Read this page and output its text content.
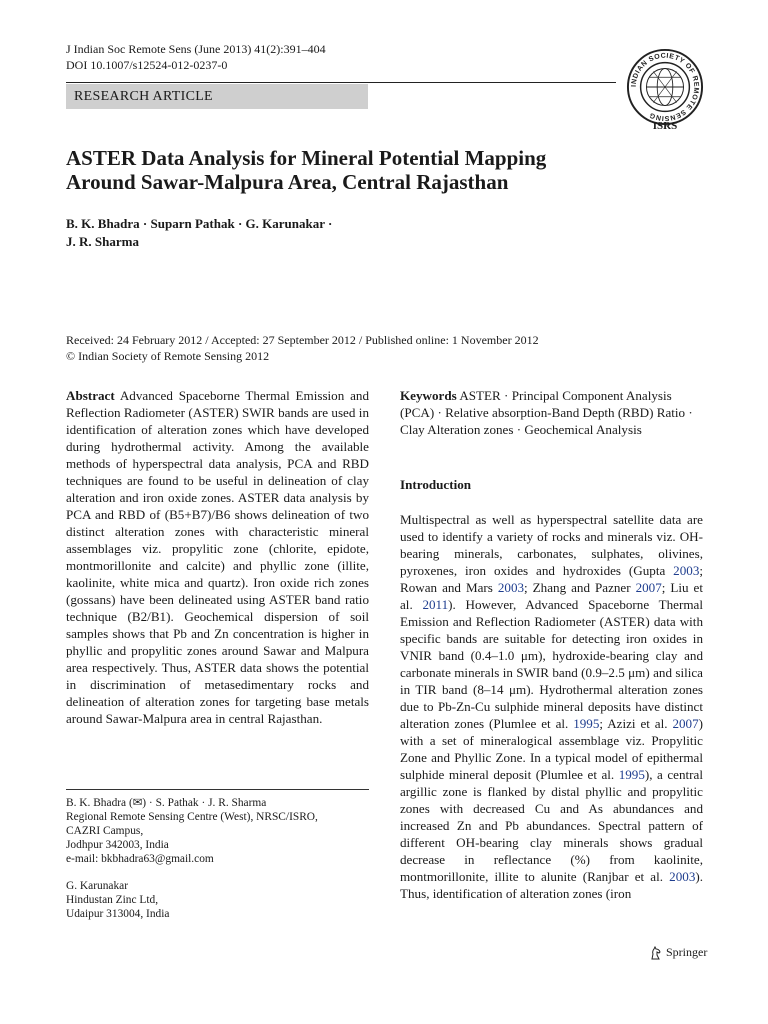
J Indian Soc Remote Sens (June 2013) 41(2):391–404
DOI 10.1007/s12524-012-0237-0
RESEARCH ARTICLE
INDIAN SOCIETY OF REMOTE SENSING
ISRS
ASTER Data Analysis for Mineral Potential Mapping
Around Sawar-Malpura Area, Central Rajasthan
B. K. Bhadra · Suparn Pathak · G. Karunakar ·
J. R. Sharma
Received: 24 February 2012 / Accepted: 27 September 2012 / Published online: 1 November 2012
© Indian Society of Remote Sensing 2012

Abstract Advanced Spaceborne Thermal Emission and Reflection Radiometer (ASTER) SWIR bands are used in identification of alteration zones which have developed during hydrothermal activity. Among the available methods of hyperspectral data analysis, PCA and RBD techniques are found to be useful in delineation of clay alteration and iron oxide zones. ASTER data analysis by PCA and RBD of (B5+B7)/B6 shows delineation of two distinct alteration zones with characteristic mineral assemblages viz. propylitic zone (chlorite, epidote, montmorillonite and calcite) and phyllic zone (illite, kaolinite, white mica and quartz). Iron oxide rich zones (gossans) have been delineated using ASTER band ratio technique (B2/B1). Geochemical dispersion of soil samples shows that Pb and Zn concentration is higher in phyllic and propylitic zones around Sawar and Malpura area respectively. Thus, ASTER data shows the potential in discrimination of metasedimentary rocks and delineation of alteration zones for targeting base metals around Sawar-Malpura area in central Rajasthan.

Keywords ASTER · Principal Component Analysis (PCA) · Relative absorption-Band Depth (RBD) Ratio · Clay Alteration zones · Geochemical Analysis

Introduction

Multispectral as well as hyperspectral satellite data are used to identify a variety of rocks and minerals viz. OH-bearing minerals, carbonates, sulphates, olivines, pyroxenes, iron oxides and hydroxides (Gupta 2003; Rowan and Mars 2003; Zhang and Pazner 2007; Liu et al. 2011). However, Advanced Spaceborne Thermal Emission and Reflection Radiometer (ASTER) data with specific bands are suitable for detecting iron oxides in VNIR band (0.4–1.0 μm), hydroxide-bearing clay and carbonate minerals in SWIR band (0.9–2.5 μm) and silica in TIR band (8–14 μm). Hydrothermal alteration zones due to Pb-Zn-Cu sulphide mineral deposits have distinct alteration zones (Plumlee et al. 1995; Azizi et al. 2007) with a set of mineralogical assemblage viz. Propylitic Zone and Phyllic Zone. In a typical model of epithermal sulphide mineral deposit (Plumlee et al. 1995), a central argillic zone is flanked by distal phyllic and propylitic zones with decreased Cu and As abundances and increased Zn and Pb abundances. Spectral pattern of different OH-bearing clay minerals shows gradual decrease in reflectance (%) from kaolinite, montmorillonite, illite to alunite (Ranjbar et al. 2003). Thus, identification of alteration zones (iron

B. K. Bhadra (✉) · S. Pathak · J. R. Sharma
Regional Remote Sensing Centre (West), NRSC/ISRO,
CAZRI Campus,
Jodhpur 342003, India
e-mail: bkbhadra63@gmail.com
G. Karunakar
Hindustan Zinc Ltd,
Udaipur 313004, India
Springer
